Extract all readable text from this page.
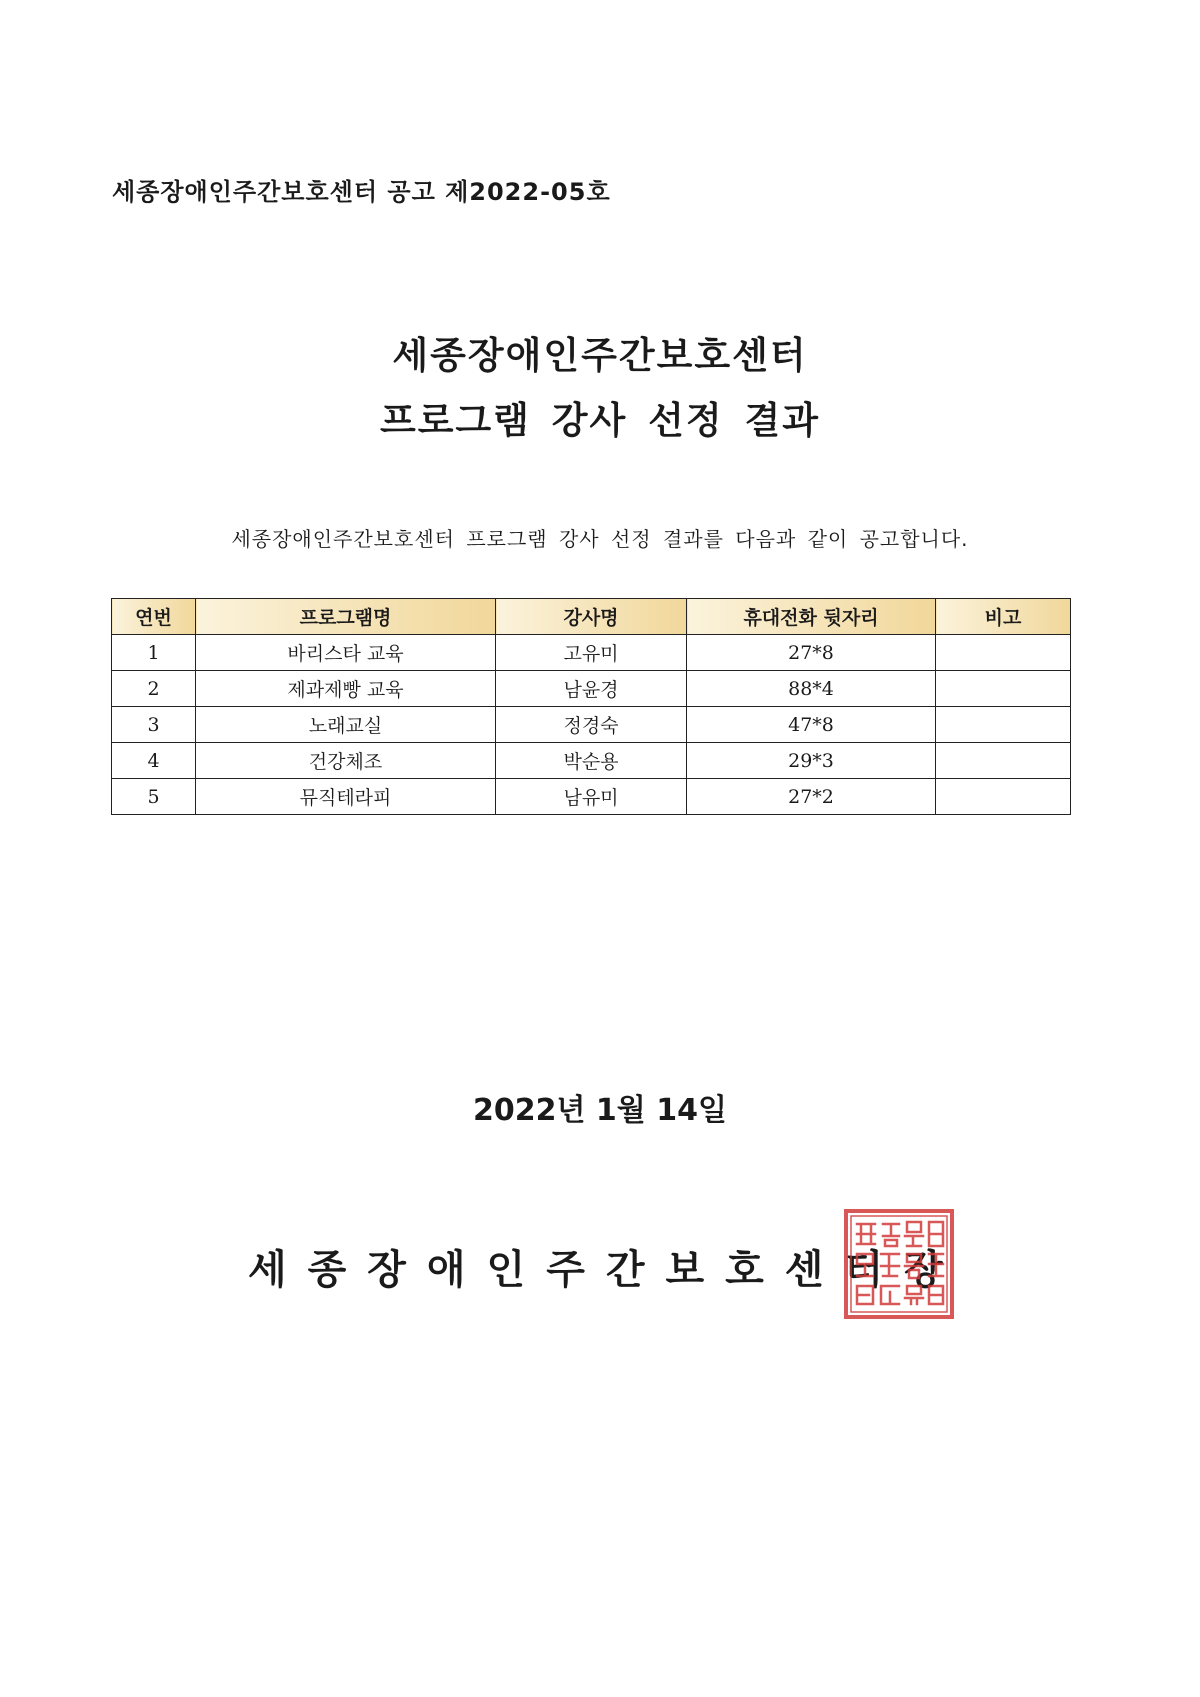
세종장애인주간보호센터 공고 제2022-05호
세종장애인주간보호센터
프로그램 강사 선정 결과
세종장애인주간보호센터 프로그램 강사 선정 결과를 다음과 같이 공고합니다.
연번	프로그램명	강사명	휴대전화 뒷자리	비고
1	바리스타 교육	고유미	27*8	
2	제과제빵 교육	남윤경	88*4	
3	노래교실	정경숙	47*8	
4	건강체조	박순용	29*3	
5	뮤직테라피	남유미	27*2	
2022년 1월 14일
세종장애인주간보호센터장
